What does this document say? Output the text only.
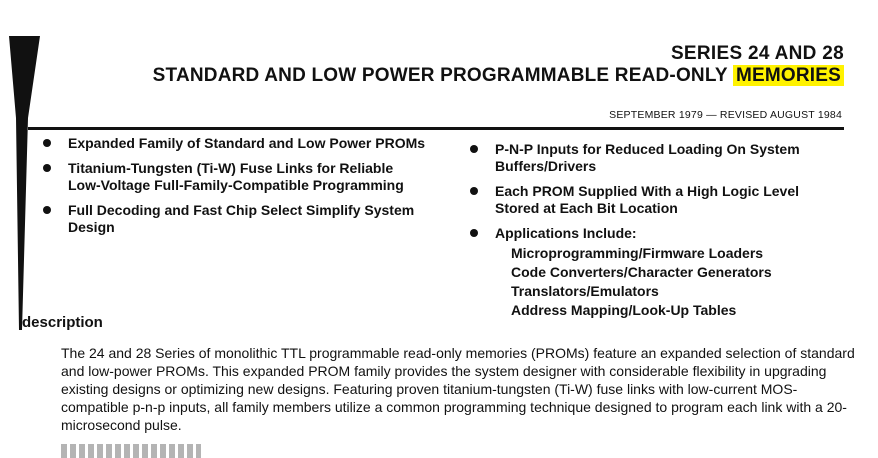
SERIES 24 AND 28
STANDARD AND LOW POWER PROGRAMMABLE READ-ONLY MEMORIES
SEPTEMBER 1979 — REVISED AUGUST 1984
Expanded Family of Standard and Low Power PROMs
Titanium-Tungsten (Ti-W) Fuse Links for Reliable Low-Voltage Full-Family-Compatible Programming
Full Decoding and Fast Chip Select Simplify System Design
P-N-P Inputs for Reduced Loading On System Buffers/Drivers
Each PROM Supplied With a High Logic Level Stored at Each Bit Location
Applications Include:
Microprogramming/Firmware Loaders
Code Converters/Character Generators
Translators/Emulators
Address Mapping/Look-Up Tables
description

The 24 and 28 Series of monolithic TTL programmable read-only memories (PROMs) feature an expanded selection of standard and low-power PROMs. This expanded PROM family provides the system designer with considerable flexibility in upgrading existing designs or optimizing new designs. Featuring proven titanium-tungsten (Ti-W) fuse links with low-current MOS-compatible p-n-p inputs, all family members utilize a common programming technique designed to program each link with a 20-microsecond pulse.
